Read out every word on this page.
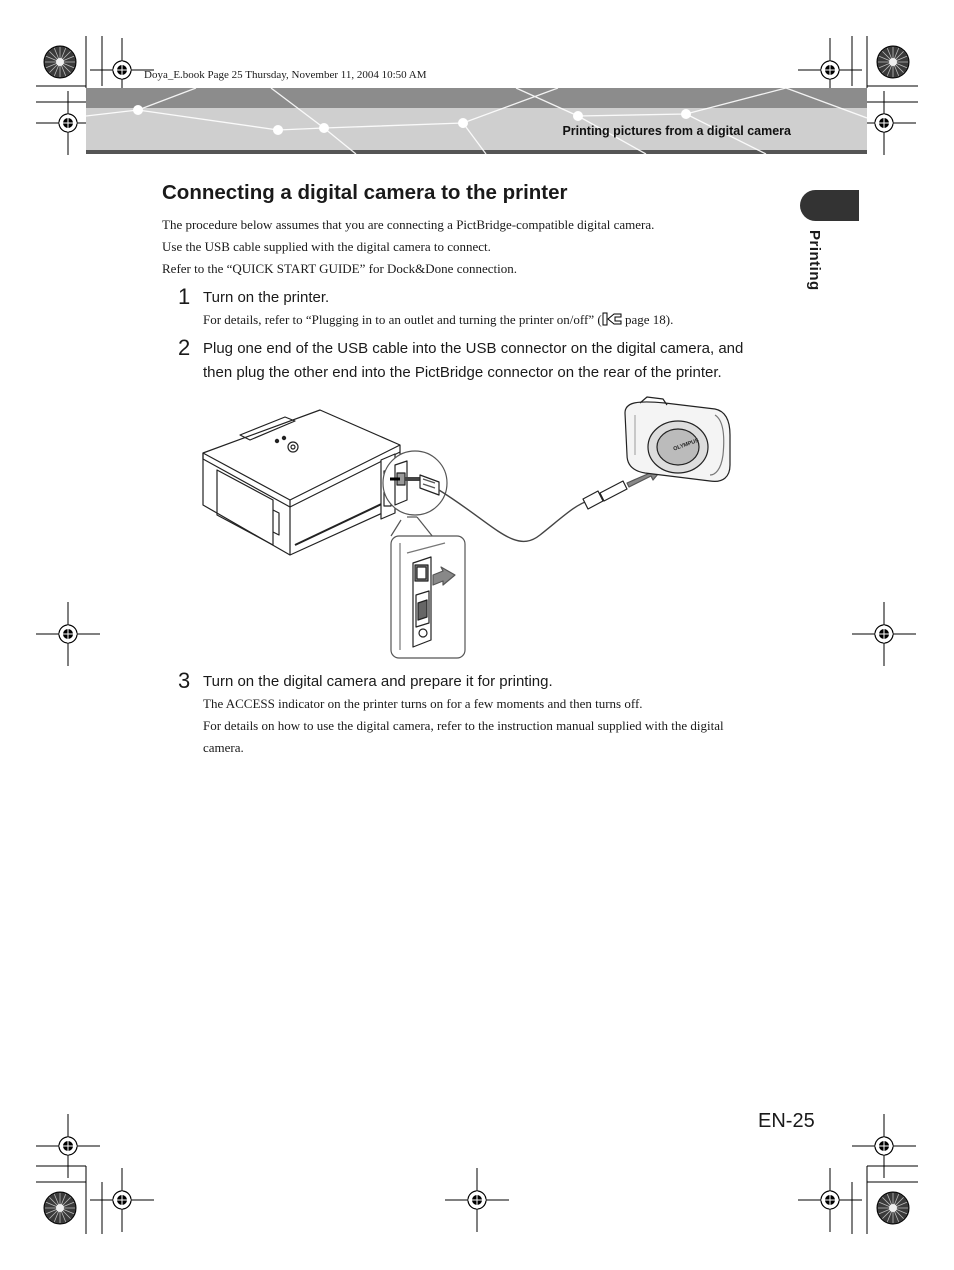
Doya_E.book Page 25 Thursday, November 11, 2004 10:50 AM
Printing pictures from a digital camera
Printing
Connecting a digital camera to the printer
The procedure below assumes that you are connecting a PictBridge-compatible digital camera.
Use the USB cable supplied with the digital camera to connect.
Refer to the “QUICK START GUIDE” for Dock&Done connection.
1 Turn on the printer.
For details, refer to “Plugging in to an outlet and turning the printer on/off” ( page 18).
2 Plug one end of the USB cable into the USB connector on the digital camera, and
then plug the other end into the PictBridge connector on the rear of the printer.
OLYMPUS
3 Turn on the digital camera and prepare it for printing.
The ACCESS indicator on the printer turns on for a few moments and then turns off.
For details on how to use the digital camera, refer to the instruction manual supplied with the digital
camera.
EN-25
